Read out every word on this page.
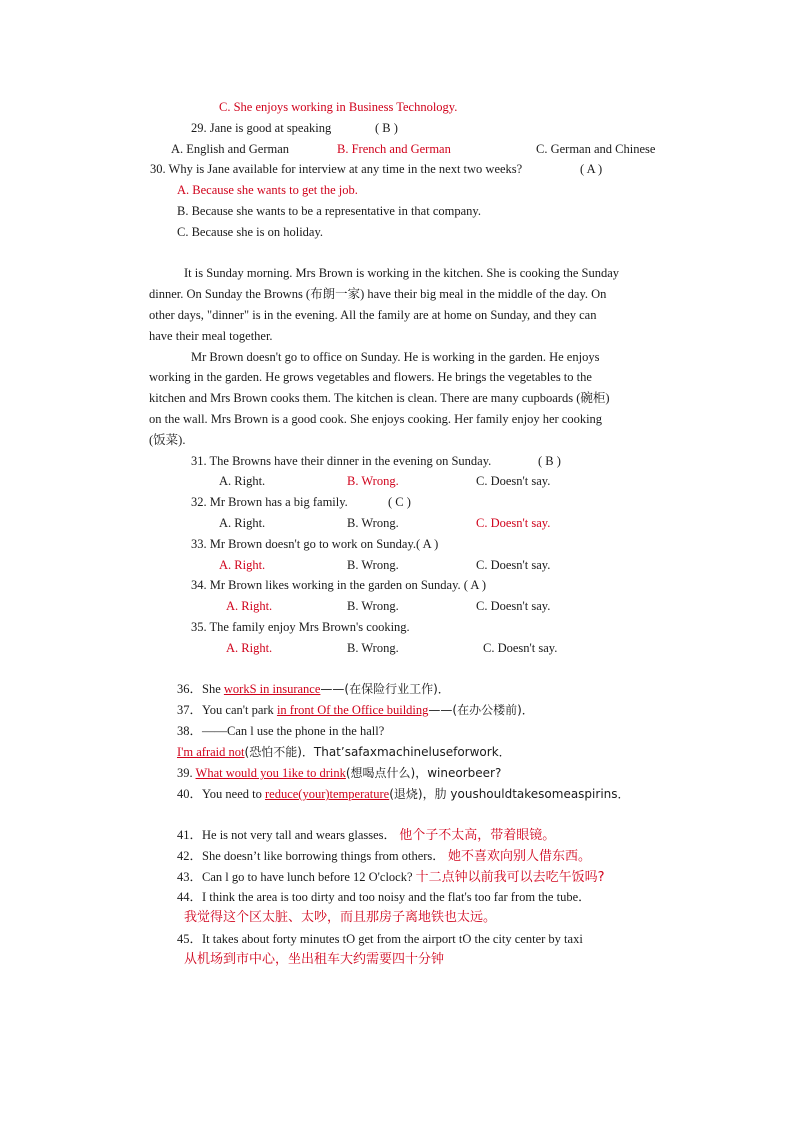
C. She enjoys working in Business Technology.
29. Jane is good at speaking	( B )
A. English and German	B. French and German	C. German and Chinese
30. Why is Jane available for interview at any time in the next two weeks?	( A )
A. Because she wants to get the job.
B. Because she wants to be a representative in that company.
C. Because she is on holiday.
It is Sunday morning. Mrs Brown is working in the kitchen. She is cooking the Sunday
dinner. On Sunday the Browns (布朗一家) have their big meal in the middle of the day. On
other days, "dinner" is in the evening. All the family are at home on Sunday, and they can
have their meal together.
Mr Brown doesn't go to office on Sunday. He is working in the garden. He enjoys
working in the garden. He grows vegetables and flowers. He brings the vegetables to the
kitchen and Mrs Brown cooks them. The kitchen is clean. There are many cupboards (碗柜)
on the wall. Mrs Brown is a good cook. She enjoys cooking. Her family enjoy her cooking
(饭菜).
31. The Browns have their dinner in the evening on Sunday.	( B )
A. Right.	B. Wrong.	C. Doesn't say.
32. Mr Brown has a big family.	( C )
A. Right.	B. Wrong.	C. Doesn't say.
33. Mr Brown doesn't go to work on Sunday.( A )
A. Right.	B. Wrong.	C. Doesn't say.
34. Mr Brown likes working in the garden on Sunday. ( A )
A. Right.	B. Wrong.	C. Doesn't say.
35. The family enjoy Mrs Brown's cooking.
A. Right.	B. Wrong.	C. Doesn't say.
36．She workS in insurance——(在保险行业工作)．
37．You can't park in front Of the Office building——(在办公楼前)．
38．——Can l use the phone in the hall?
I'm afraid not(恐怕不能)．That’safaxmachineluseforwork．
39. What would you 1ike to drink(想喝点什么)，wineorbeer?
40．You need to reduce(your)temperature(退烧)，肋 youshouldtakesomeaspirins．
41．He is not very tall and wears glasses． 他个子不太高，带着眼镜。
42．She doesn’t like borrowing things from others． 她不喜欢向别人借东西。
43．Can l go to have lunch before 12 O'clock? 十二点钟以前我可以去吃午饭吗?
44．I think the area is too dirty and too noisy and the flat's too far from the tube．
我觉得这个区太脏、太吵，而且那房子离地铁也太远。
45．It takes about forty minutes tO get from the airport tO the city center by taxi
从机场到市中心，坐出租车大约需要四十分钟
